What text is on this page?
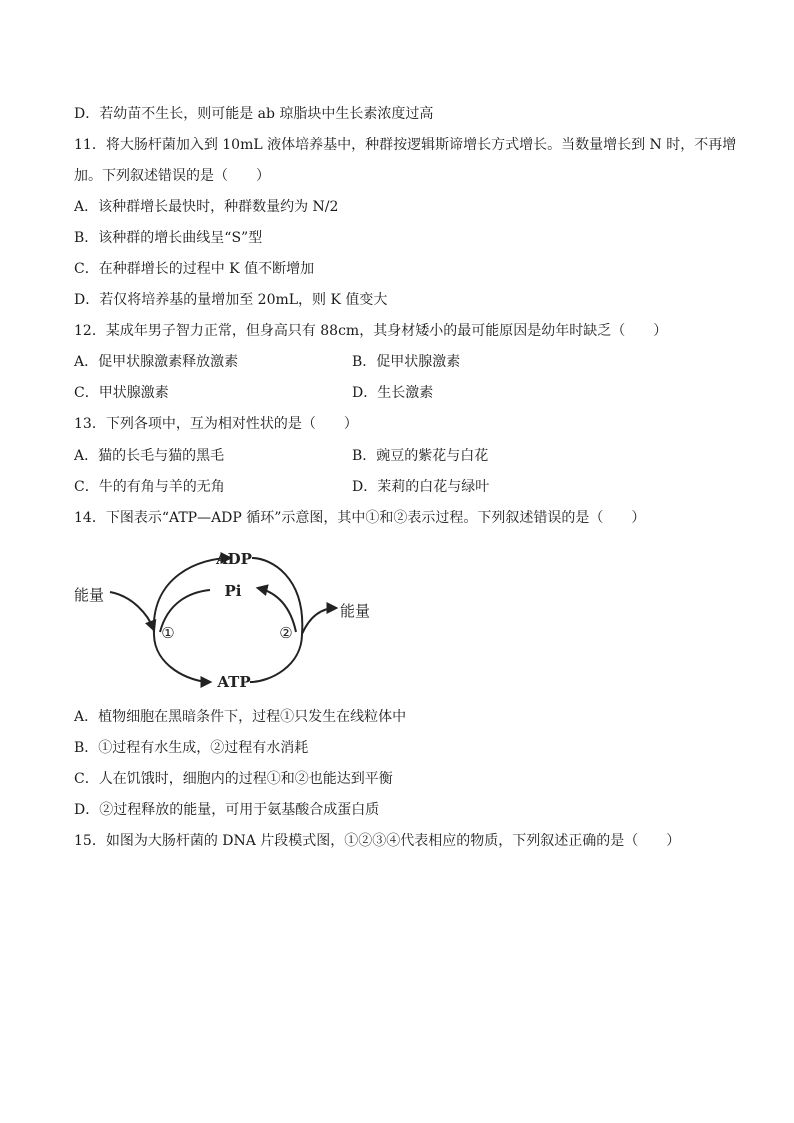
D．若幼苗不生长，则可能是 ab 琼脂块中生长素浓度过高
11．将大肠杆菌加入到 10mL 液体培养基中，种群按逻辑斯谛增长方式增长。当数量增长到 N 时，不再增
加。下列叙述错误的是（　　）
A．该种群增长最快时，种群数量约为 N/2
B．该种群的增长曲线呈“S”型
C．在种群增长的过程中 K 值不断增加
D．若仅将培养基的量增加至 20mL，则 K 值变大
12．某成年男子智力正常，但身高只有 88cm，其身材矮小的最可能原因是幼年时缺乏（　　）
A．促甲状腺激素释放激素	B．促甲状腺激素
C．甲状腺激素	D．生长激素
13．下列各项中，互为相对性状的是（　　）
A．猫的长毛与猫的黑毛	B．豌豆的紫花与白花
C．牛的有角与羊的无角	D．茉莉的白花与绿叶
14．下图表示“ATP—ADP 循环”示意图，其中①和②表示过程。下列叙述错误的是（　　）
ADP
Pi
ATP
能量
能量
①	②
A．植物细胞在黑暗条件下，过程①只发生在线粒体中
B．①过程有水生成，②过程有水消耗
C．人在饥饿时，细胞内的过程①和②也能达到平衡
D．②过程释放的能量，可用于氨基酸合成蛋白质
15．如图为大肠杆菌的 DNA 片段模式图，①②③④代表相应的物质，下列叙述正确的是（　　）
